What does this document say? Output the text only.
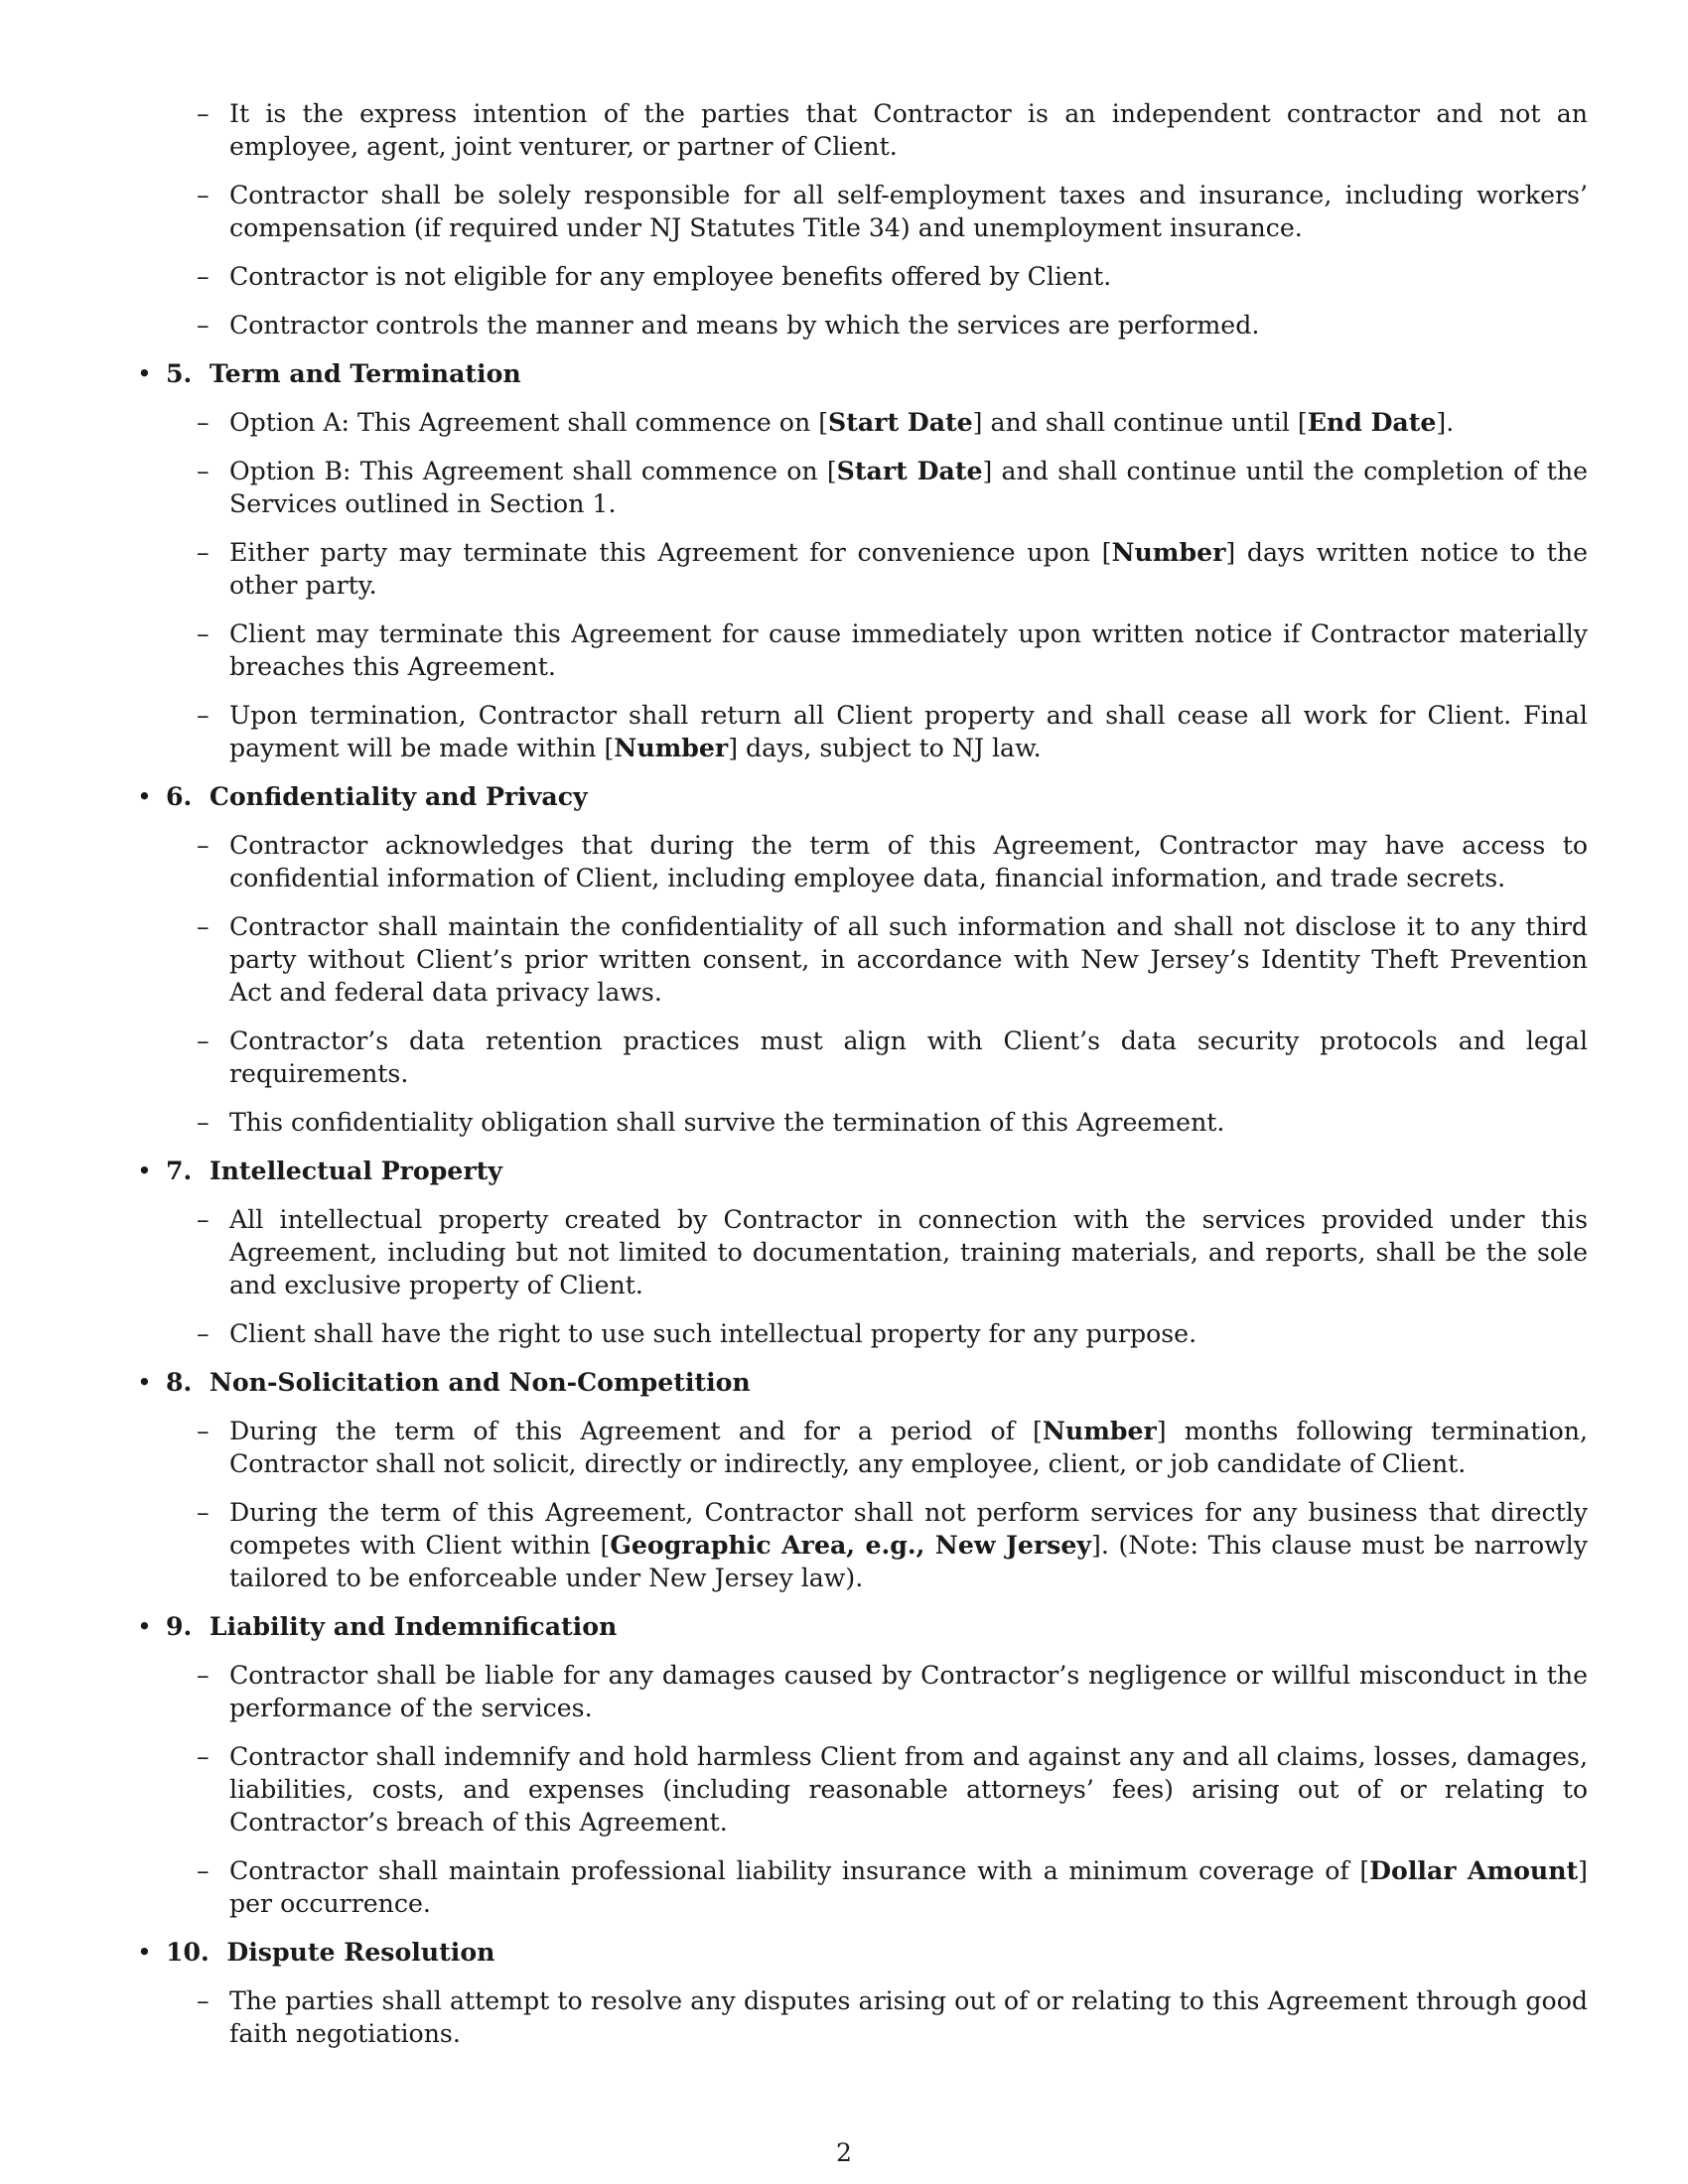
– It is the express intention of the parties that Contractor is an independent contractor and not an employee, agent, joint venturer, or partner of Client.
– Contractor shall be solely responsible for all self-employment taxes and insurance, including workers’ compensation (if required under NJ Statutes Title 34) and unemployment insurance.
– Contractor is not eligible for any employee benefits offered by Client.
– Contractor controls the manner and means by which the services are performed.
• 5.  Term and Termination
– Option A: This Agreement shall commence on [Start Date] and shall continue until [End Date].
– Option B: This Agreement shall commence on [Start Date] and shall continue until the completion of the Services outlined in Section 1.
– Either party may terminate this Agreement for convenience upon [Number] days written notice to the other party.
– Client may terminate this Agreement for cause immediately upon written notice if Contractor materially breaches this Agreement.
– Upon termination, Contractor shall return all Client property and shall cease all work for Client. Final payment will be made within [Number] days, subject to NJ law.
• 6.  Confidentiality and Privacy
– Contractor acknowledges that during the term of this Agreement, Contractor may have access to confidential information of Client, including employee data, financial information, and trade secrets.
– Contractor shall maintain the confidentiality of all such information and shall not disclose it to any third party without Client’s prior written consent, in accordance with New Jersey’s Identity Theft Prevention Act and federal data privacy laws.
– Contractor’s data retention practices must align with Client’s data security protocols and legal requirements.
– This confidentiality obligation shall survive the termination of this Agreement.
• 7.  Intellectual Property
– All intellectual property created by Contractor in connection with the services provided under this Agreement, including but not limited to documentation, training materials, and reports, shall be the sole and exclusive property of Client.
– Client shall have the right to use such intellectual property for any purpose.
• 8.  Non-Solicitation and Non-Competition
– During the term of this Agreement and for a period of [Number] months following termination, Contractor shall not solicit, directly or indirectly, any employee, client, or job candidate of Client.
– During the term of this Agreement, Contractor shall not perform services for any business that directly competes with Client within [Geographic Area, e.g., New Jersey]. (Note: This clause must be narrowly tailored to be enforceable under New Jersey law).
• 9.  Liability and Indemnification
– Contractor shall be liable for any damages caused by Contractor’s negligence or willful misconduct in the performance of the services.
– Contractor shall indemnify and hold harmless Client from and against any and all claims, losses, damages, liabilities, costs, and expenses (including reasonable attorneys’ fees) arising out of or relating to Contractor’s breach of this Agreement.
– Contractor shall maintain professional liability insurance with a minimum coverage of [Dollar Amount] per occurrence.
• 10.  Dispute Resolution
– The parties shall attempt to resolve any disputes arising out of or relating to this Agreement through good faith negotiations.
2
